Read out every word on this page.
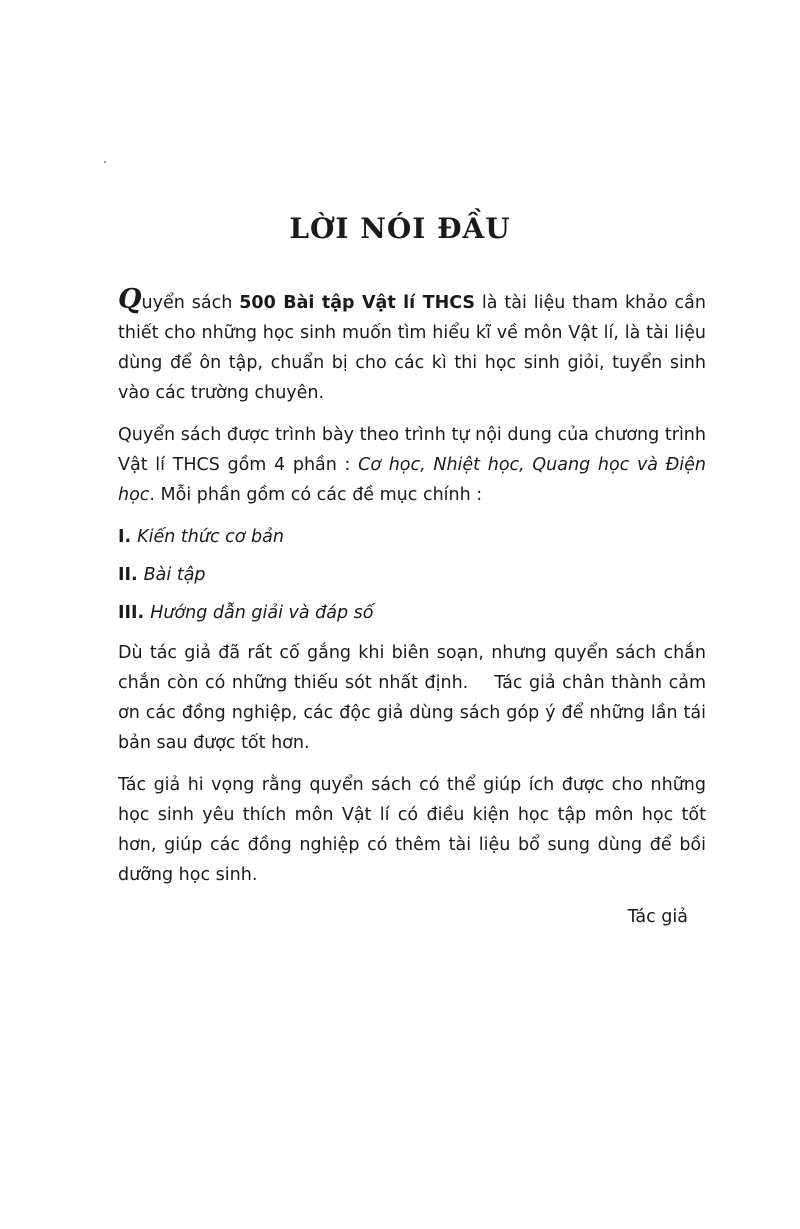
LỜI NÓI ĐẦU

Quyển sách 500 Bài tập Vật lí THCS là tài liệu tham khảo cần thiết cho những học sinh muốn tìm hiểu kĩ về môn Vật lí, là tài liệu dùng để ôn tập, chuẩn bị cho các kì thi học sinh giỏi, tuyển sinh vào các trường chuyên.

Quyển sách được trình bày theo trình tự nội dung của chương trình Vật lí THCS gồm 4 phần : Cơ học, Nhiệt học, Quang học và Điện học. Mỗi phần gồm có các đề mục chính :

I. Kiến thức cơ bản
II. Bài tập
III. Hướng dẫn giải và đáp số

Dù tác giả đã rất cố gắng khi biên soạn, nhưng quyển sách chắn chắn còn có những thiếu sót nhất định.    Tác giả chân thành cảm ơn các đồng nghiệp, các độc giả dùng sách góp ý để những lần tái bản sau được tốt hơn.

Tác giả hi vọng rằng quyển sách có thể giúp ích được cho những học sinh yêu thích môn Vật lí có điều kiện học tập môn học tốt hơn, giúp các đồng nghiệp có thêm tài liệu bổ sung dùng để bồi dưỡng học sinh.

Tác giả
